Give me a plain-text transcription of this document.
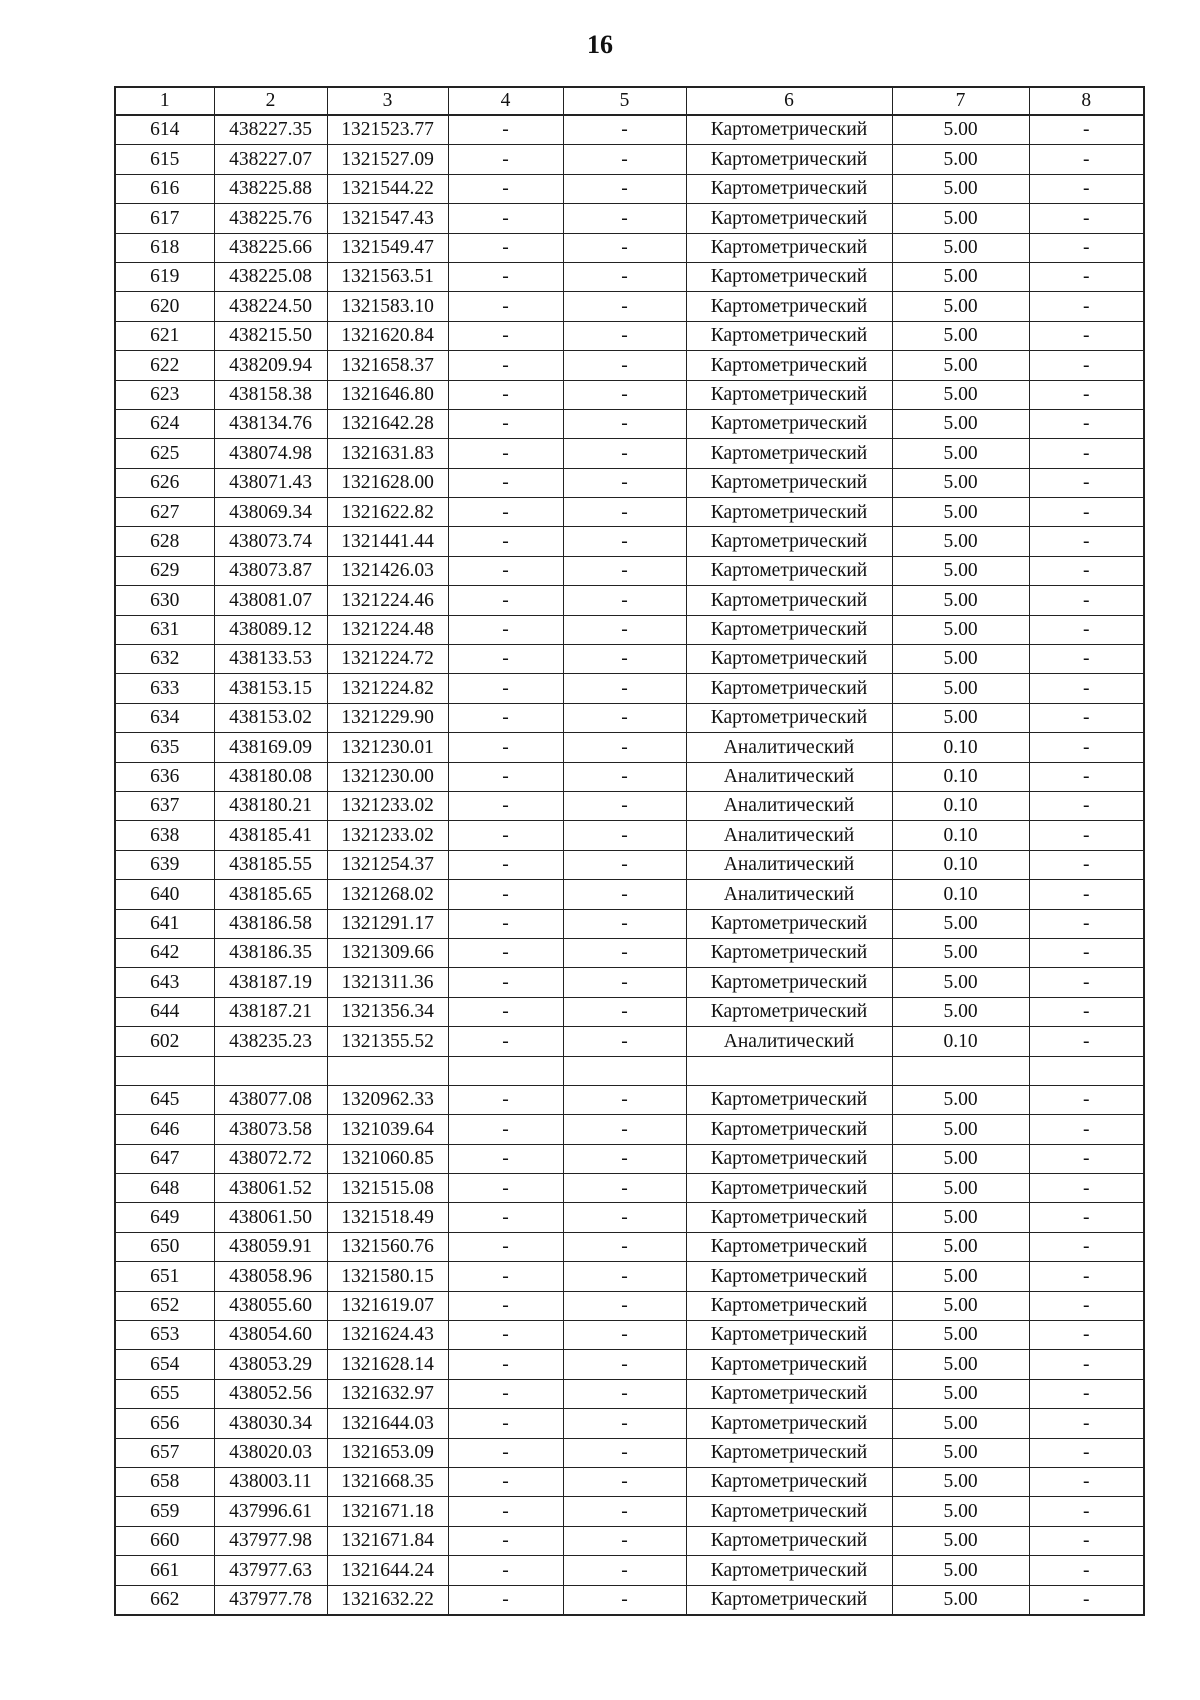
16
1	2	3	4	5	6	7	8
614	438227.35	1321523.77	-	-	Картометрический	5.00	-
615	438227.07	1321527.09	-	-	Картометрический	5.00	-
616	438225.88	1321544.22	-	-	Картометрический	5.00	-
617	438225.76	1321547.43	-	-	Картометрический	5.00	-
618	438225.66	1321549.47	-	-	Картометрический	5.00	-
619	438225.08	1321563.51	-	-	Картометрический	5.00	-
620	438224.50	1321583.10	-	-	Картометрический	5.00	-
621	438215.50	1321620.84	-	-	Картометрический	5.00	-
622	438209.94	1321658.37	-	-	Картометрический	5.00	-
623	438158.38	1321646.80	-	-	Картометрический	5.00	-
624	438134.76	1321642.28	-	-	Картометрический	5.00	-
625	438074.98	1321631.83	-	-	Картометрический	5.00	-
626	438071.43	1321628.00	-	-	Картометрический	5.00	-
627	438069.34	1321622.82	-	-	Картометрический	5.00	-
628	438073.74	1321441.44	-	-	Картометрический	5.00	-
629	438073.87	1321426.03	-	-	Картометрический	5.00	-
630	438081.07	1321224.46	-	-	Картометрический	5.00	-
631	438089.12	1321224.48	-	-	Картометрический	5.00	-
632	438133.53	1321224.72	-	-	Картометрический	5.00	-
633	438153.15	1321224.82	-	-	Картометрический	5.00	-
634	438153.02	1321229.90	-	-	Картометрический	5.00	-
635	438169.09	1321230.01	-	-	Аналитический	0.10	-
636	438180.08	1321230.00	-	-	Аналитический	0.10	-
637	438180.21	1321233.02	-	-	Аналитический	0.10	-
638	438185.41	1321233.02	-	-	Аналитический	0.10	-
639	438185.55	1321254.37	-	-	Аналитический	0.10	-
640	438185.65	1321268.02	-	-	Аналитический	0.10	-
641	438186.58	1321291.17	-	-	Картометрический	5.00	-
642	438186.35	1321309.66	-	-	Картометрический	5.00	-
643	438187.19	1321311.36	-	-	Картометрический	5.00	-
644	438187.21	1321356.34	-	-	Картометрический	5.00	-
602	438235.23	1321355.52	-	-	Аналитический	0.10	-

645	438077.08	1320962.33	-	-	Картометрический	5.00	-
646	438073.58	1321039.64	-	-	Картометрический	5.00	-
647	438072.72	1321060.85	-	-	Картометрический	5.00	-
648	438061.52	1321515.08	-	-	Картометрический	5.00	-
649	438061.50	1321518.49	-	-	Картометрический	5.00	-
650	438059.91	1321560.76	-	-	Картометрический	5.00	-
651	438058.96	1321580.15	-	-	Картометрический	5.00	-
652	438055.60	1321619.07	-	-	Картометрический	5.00	-
653	438054.60	1321624.43	-	-	Картометрический	5.00	-
654	438053.29	1321628.14	-	-	Картометрический	5.00	-
655	438052.56	1321632.97	-	-	Картометрический	5.00	-
656	438030.34	1321644.03	-	-	Картометрический	5.00	-
657	438020.03	1321653.09	-	-	Картометрический	5.00	-
658	438003.11	1321668.35	-	-	Картометрический	5.00	-
659	437996.61	1321671.18	-	-	Картометрический	5.00	-
660	437977.98	1321671.84	-	-	Картометрический	5.00	-
661	437977.63	1321644.24	-	-	Картометрический	5.00	-
662	437977.78	1321632.22	-	-	Картометрический	5.00	-
